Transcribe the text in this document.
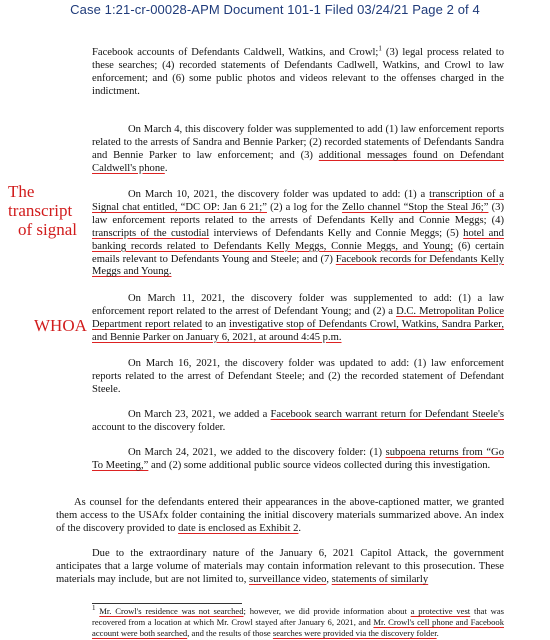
Case 1:21-cr-00028-APM Document 101-1 Filed 03/24/21 Page 2 of 4

Facebook accounts of Defendants Caldwell, Watkins, and Crowl;$^1$ (3) legal process related to these searches; (4) recorded statements of Defendants Cadlwell, Watkins, and Crowl to law enforcement; and (6) some public photos and videos relevant to the offenses charged in the indictment.

On March 4, this discovery folder was supplemented to add (1) law enforcement reports related to the arrests of Sandra and Bennie Parker; (2) recorded statements of Defendants Sandra and Bennie Parker to law enforcement; and (3) additional messages found on Defendant Caldwell's phone.

The transcript
of signal

On March 10, 2021, the discovery folder was updated to add: (1) a transcription of a Signal chat entitled, “DC OP: Jan 6 21;” (2) a log for the Zello channel “Stop the Steal J6;” (3) law enforcement reports related to the arrests of Defendants Kelly and Connie Meggs; (4) transcripts of the custodial interviews of Defendants Kelly and Connie Meggs; (5) hotel and banking records related to Defendants Kelly Meggs, Connie Meggs, and Young; (6) certain emails relevant to Defendants Young and Steele; and (7) Facebook records for Defendants Kelly Meggs and Young.

WHOA

On March 11, 2021, the discovery folder was supplemented to add: (1) a law enforcement report related to the arrest of Defendant Young; and (2) a D.C. Metropolitan Police Department report related to an investigative stop of Defendants Crowl, Watkins, Sandra Parker, and Bennie Parker on January 6, 2021, at around 4:45 p.m.

On March 16, 2021, the discovery folder was updated to add: (1) law enforcement reports related to the arrest of Defendant Steele; and (2) the recorded statement of Defendant Steele.

On March 23, 2021, we added a Facebook search warrant return for Defendant Steele's account to the discovery folder.

On March 24, 2021, we added to the discovery folder: (1) subpoena returns from “Go To Meeting,” and (2) some additional public source videos collected during this investigation.

As counsel for the defendants entered their appearances in the above-captioned matter, we granted them access to the USAfx folder containing the initial discovery materials summarized above. An index of the discovery provided to date is enclosed as Exhibit 2.

Due to the extraordinary nature of the January 6, 2021 Capitol Attack, the government anticipates that a large volume of materials may contain information relevant to this prosecution. These materials may include, but are not limited to, surveillance video, statements of similarly

$^1$ Mr. Crowl's residence was not searched; however, we did provide information about a protective vest that was recovered from a location at which Mr. Crowl stayed after January 6, 2021, and Mr. Crowl's cell phone and Facebook account were both searched, and the results of those searches were provided via the discovery folder.
